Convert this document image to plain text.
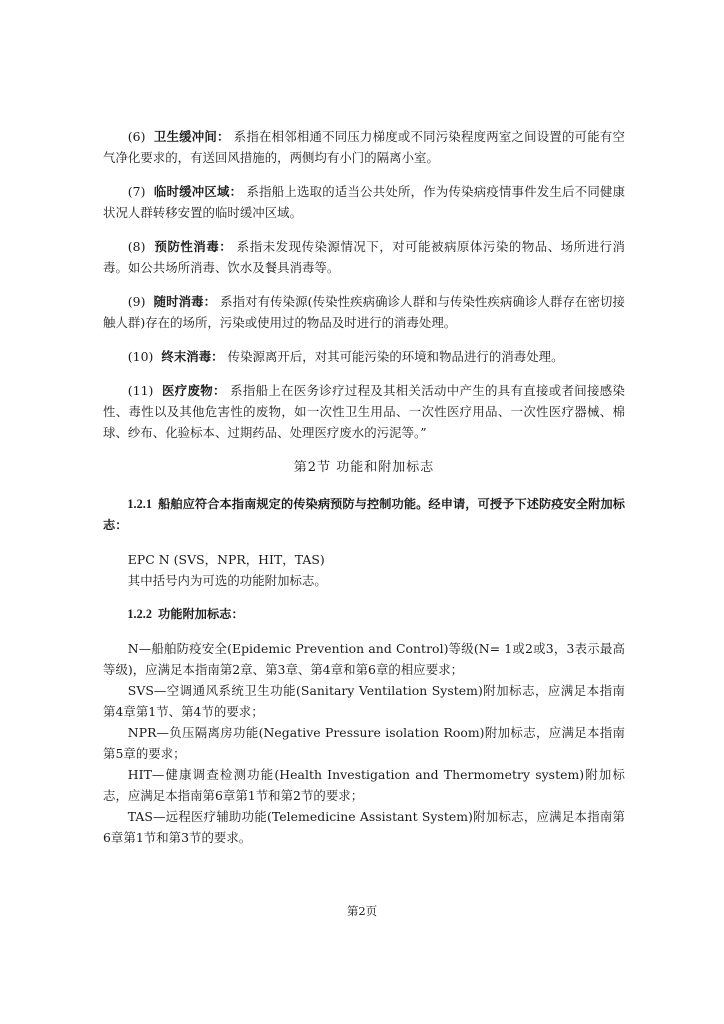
(6) 卫生缓冲间： 系指在相邻相通不同压力梯度或不同污染程度两室之间设置的可能有空气净化要求的，有送回风措施的，两侧均有小门的隔离小室。

(7) 临时缓冲区域： 系指船上选取的适当公共处所，作为传染病疫情事件发生后不同健康状况人群转移安置的临时缓冲区域。

(8) 预防性消毒： 系指未发现传染源情况下，对可能被病原体污染的物品、场所进行消毒。如公共场所消毒、饮水及餐具消毒等。

(9) 随时消毒： 系指对有传染源(传染性疾病确诊人群和与传染性疾病确诊人群存在密切接触人群)存在的场所，污染或使用过的物品及时进行的消毒处理。

(10) 终末消毒： 传染源离开后，对其可能污染的环境和物品进行的消毒处理。

(11) 医疗废物： 系指船上在医务诊疗过程及其相关活动中产生的具有直接或者间接感染性、毒性以及其他危害性的废物，如一次性卫生用品、一次性医疗用品、一次性医疗器械、棉球、纱布、化验标本、过期药品、处理医疗废水的污泥等。”

第2节 功能和附加标志

1.2.1 船舶应符合本指南规定的传染病预防与控制功能。经申请，可授予下述防疫安全附加标志：

EPC N (SVS，NPR，HIT，TAS)

其中括号内为可选的功能附加标志。

1.2.2 功能附加标志：

N—船舶防疫安全(Epidemic Prevention and Control)等级(N= 1或2或3，3表示最高等级)，应满足本指南第2章、第3章、第4章和第6章的相应要求；

SVS—空调通风系统卫生功能(Sanitary Ventilation System)附加标志，应满足本指南第4章第1节、第4节的要求；

NPR—负压隔离房功能(Negative Pressure isolation Room)附加标志，应满足本指南第5章的要求；

HIT—健康调查检测功能(Health Investigation and Thermometry system)附加标志，应满足本指南第6章第1节和第2节的要求；

TAS—远程医疗辅助功能(Telemedicine Assistant System)附加标志，应满足本指南第6章第1节和第3节的要求。

第2页
